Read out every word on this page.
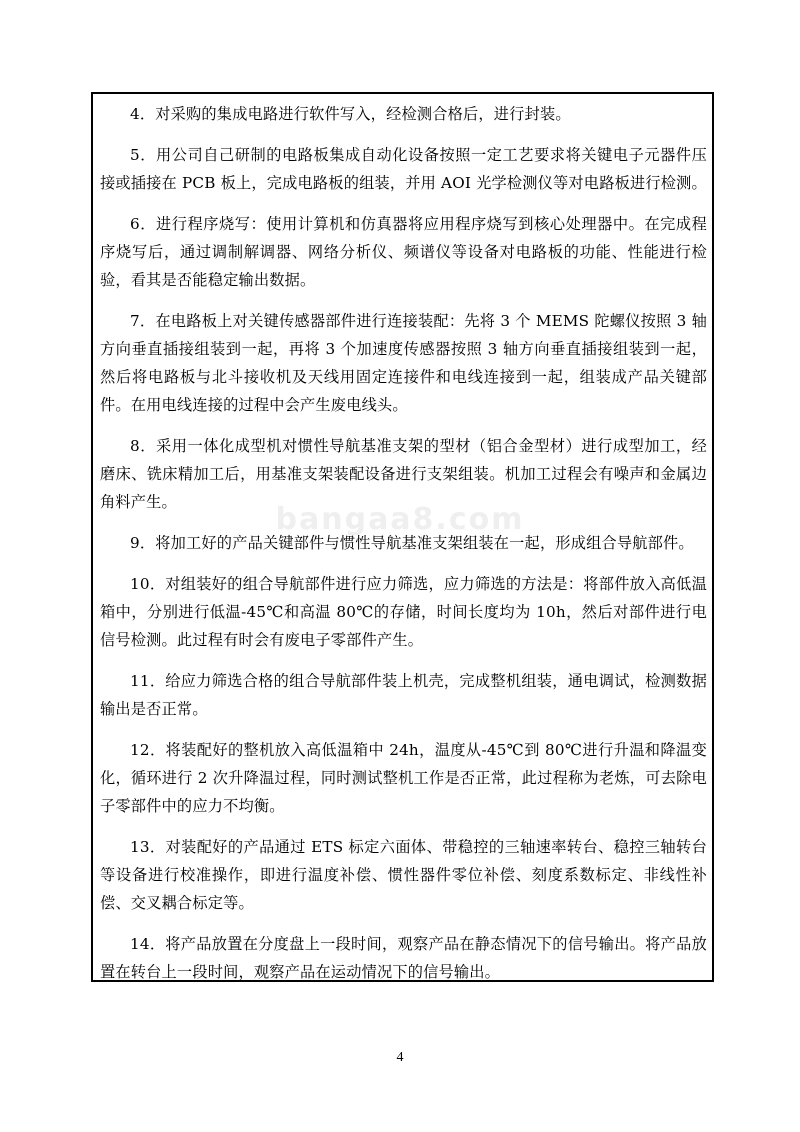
4．对采购的集成电路进行软件写入，经检测合格后，进行封装。

5．用公司自己研制的电路板集成自动化设备按照一定工艺要求将关键电子元器件压接或插接在 PCB 板上，完成电路板的组装，并用 AOI 光学检测仪等对电路板进行检测。

6．进行程序烧写：使用计算机和仿真器将应用程序烧写到核心处理器中。在完成程序烧写后，通过调制解调器、网络分析仪、频谱仪等设备对电路板的功能、性能进行检验，看其是否能稳定输出数据。

7．在电路板上对关键传感器部件进行连接装配：先将 3 个 MEMS 陀螺仪按照 3 轴方向垂直插接组装到一起，再将 3 个加速度传感器按照 3 轴方向垂直插接组装到一起，然后将电路板与北斗接收机及天线用固定连接件和电线连接到一起，组装成产品关键部件。在用电线连接的过程中会产生废电线头。

8．采用一体化成型机对惯性导航基准支架的型材（铝合金型材）进行成型加工，经磨床、铣床精加工后，用基准支架装配设备进行支架组装。机加工过程会有噪声和金属边角料产生。

9．将加工好的产品关键部件与惯性导航基准支架组装在一起，形成组合导航部件。

10．对组装好的组合导航部件进行应力筛选，应力筛选的方法是：将部件放入高低温箱中，分别进行低温-45℃和高温 80℃的存储，时间长度均为 10h，然后对部件进行电信号检测。此过程有时会有废电子零部件产生。

11．给应力筛选合格的组合导航部件装上机壳，完成整机组装，通电调试，检测数据输出是否正常。

12．将装配好的整机放入高低温箱中 24h，温度从-45℃到 80℃进行升温和降温变化，循环进行 2 次升降温过程，同时测试整机工作是否正常，此过程称为老炼，可去除电子零部件中的应力不均衡。

13．对装配好的产品通过 ETS 标定六面体、带稳控的三轴速率转台、稳控三轴转台等设备进行校准操作，即进行温度补偿、惯性器件零位补偿、刻度系数标定、非线性补偿、交叉耦合标定等。

14．将产品放置在分度盘上一段时间，观察产品在静态情况下的信号输出。将产品放置在转台上一段时间，观察产品在运动情况下的信号输出。

bangaa8.com
4
